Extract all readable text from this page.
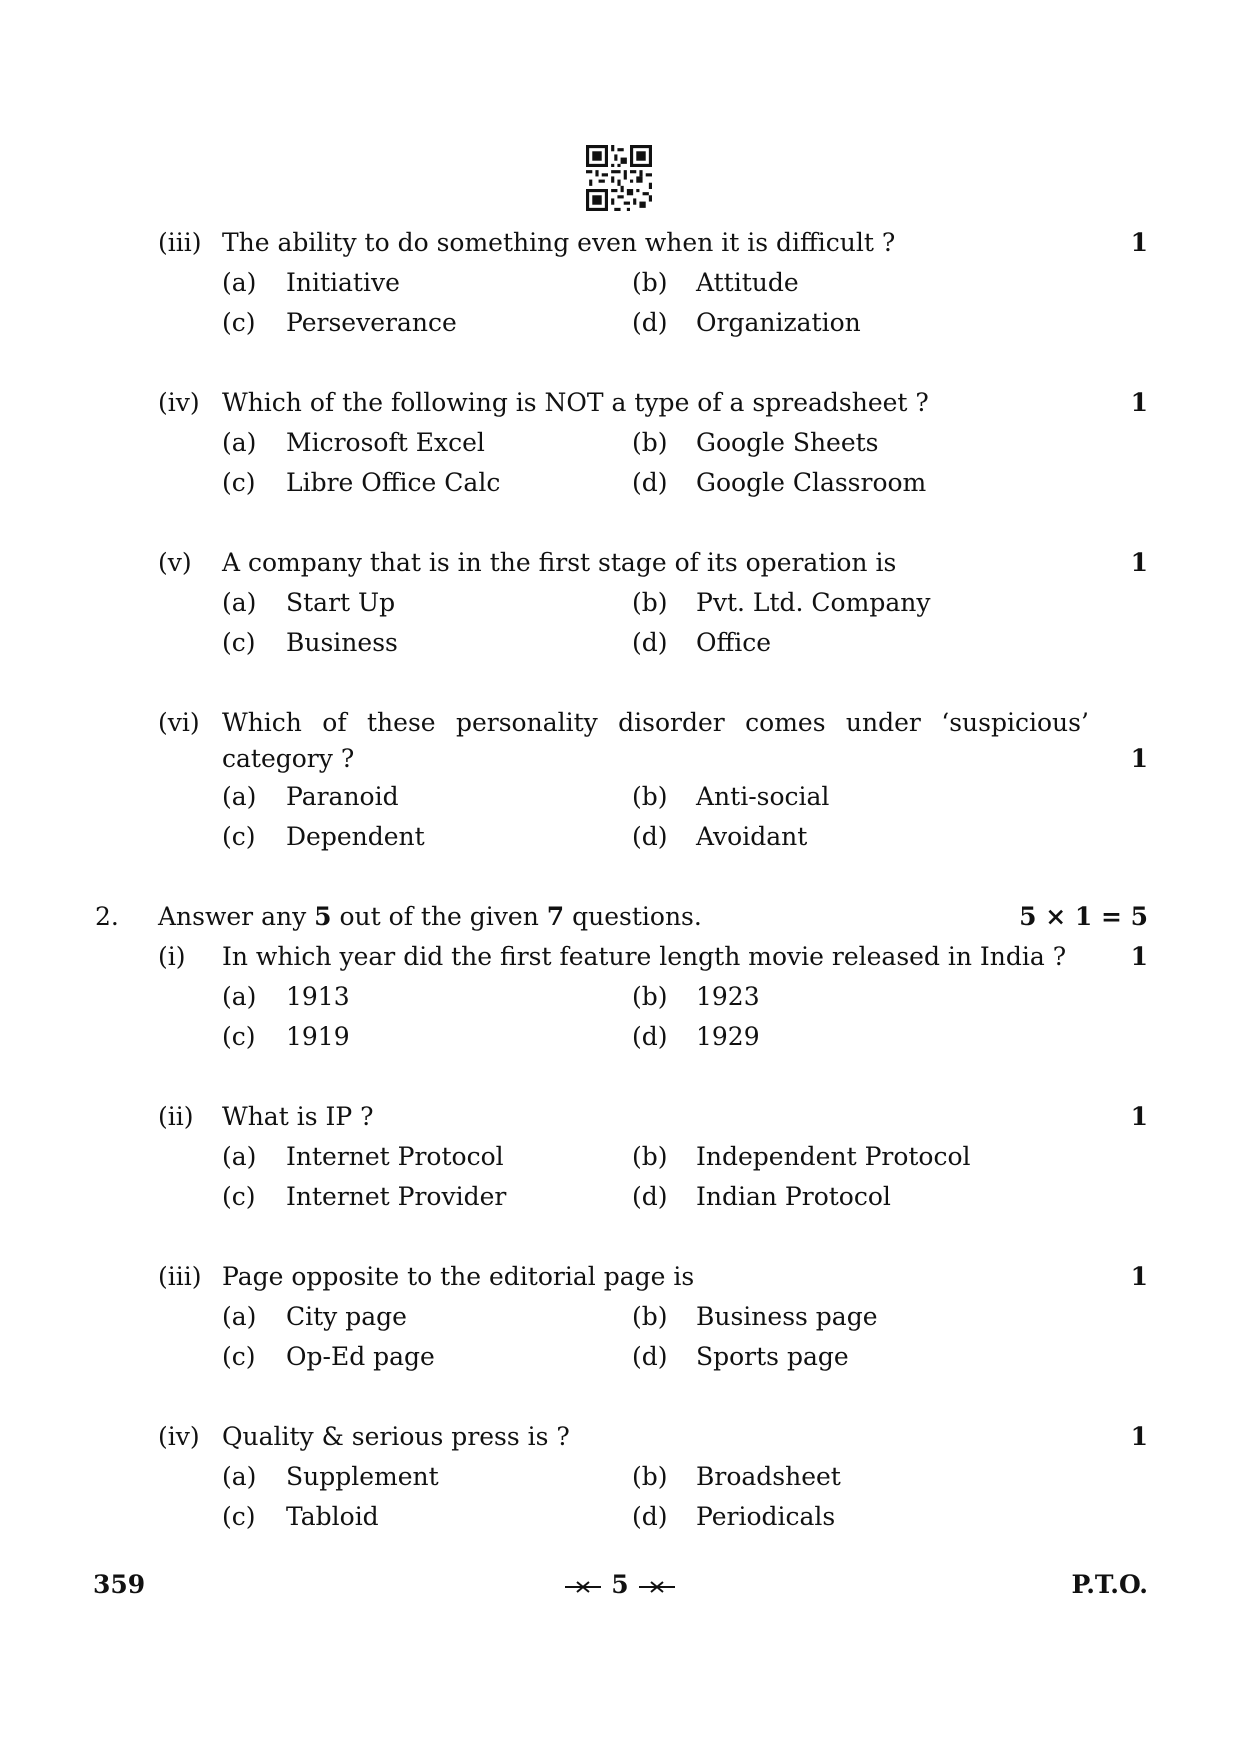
(iii) The ability to do something even when it is difficult ?	1
(a) Initiative	(b) Attitude
(c) Perseverance	(d) Organization
(iv) Which of the following is NOT a type of a spreadsheet ?	1
(a) Microsoft Excel	(b) Google Sheets
(c) Libre Office Calc	(d) Google Classroom
(v) A company that is in the first stage of its operation is	1
(a) Start Up	(b) Pvt. Ltd. Company
(c) Business	(d) Office
(vi) Which of these personality disorder comes under ‘suspicious’
category ?	1
(a) Paranoid	(b) Anti-social
(c) Dependent	(d) Avoidant
2. Answer any 5 out of the given 7 questions.	5 × 1 = 5
(i) In which year did the first feature length movie released in India ?	1
(a) 1913	(b) 1923
(c) 1919	(d) 1929
(ii) What is IP ?	1
(a) Internet Protocol	(b) Independent Protocol
(c) Internet Provider	(d) Indian Protocol
(iii) Page opposite to the editorial page is	1
(a) City page	(b) Business page
(c) Op-Ed page	(d) Sports page
(iv) Quality & serious press is ?	1
(a) Supplement	(b) Broadsheet
(c) Tabloid	(d) Periodicals
359	5	P.T.O.
